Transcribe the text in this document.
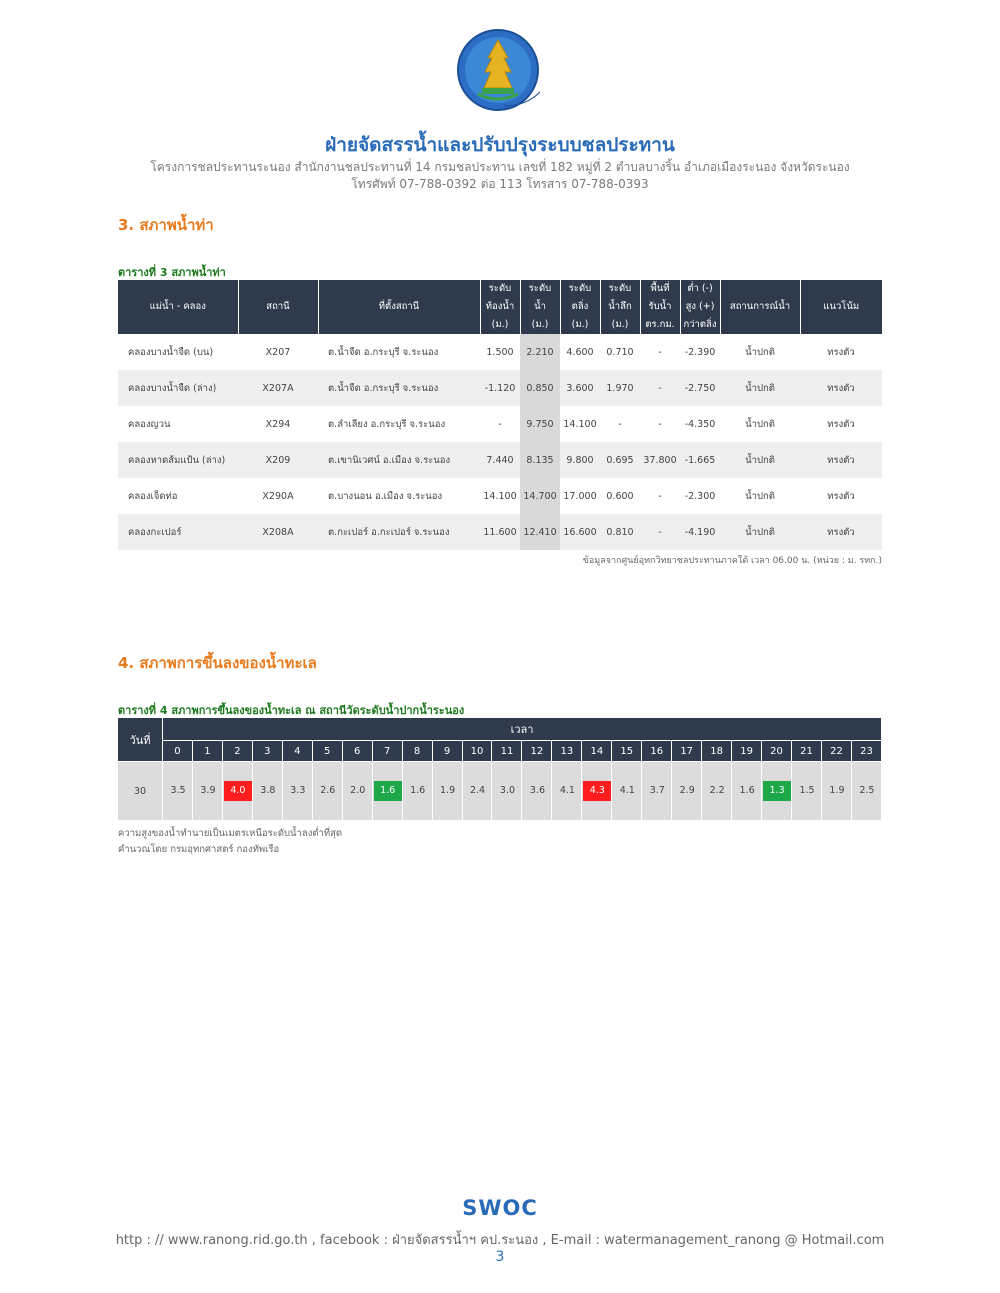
ฝ่ายจัดสรรน้ำและปรับปรุงระบบชลประทาน
โครงการชลประทานระนอง สำนักงานชลประทานที่ 14 กรมชลประทาน เลขที่ 182 หมู่ที่ 2 ตำบลบางริ้น อำเภอเมืองระนอง จังหวัดระนอง
โทรศัพท์ 07-788-0392 ต่อ 113 โทรสาร 07-788-0393
3. สภาพน้ำท่า
ตารางที่ 3 สภาพน้ำท่า
แม่น้ำ - คลอง	สถานี	ที่ตั้งสถานี	ระดับ
ท้องน้ำ
(ม.)	ระดับ
น้ำ
(ม.)	ระดับ
ตลิ่ง
(ม.)	ระดับ
น้ำลึก
(ม.)	พื้นที่
รับน้ำ
ตร.กม.	ต่ำ (-)
สูง (+)
กว่าตลิ่ง	สถานการณ์น้ำ	แนวโน้ม
คลองบางน้ำจืด (บน)	X207	ต.น้ำจืด อ.กระบุรี จ.ระนอง	1.500	2.210	4.600	0.710	-	-2.390	น้ำปกติ	ทรงตัว
คลองบางน้ำจืด (ล่าง)	X207A	ต.น้ำจืด อ.กระบุรี จ.ระนอง	-1.120	0.850	3.600	1.970	-	-2.750	น้ำปกติ	ทรงตัว
คลองญวน	X294	ต.ลำเลียง อ.กระบุรี จ.ระนอง	-	9.750	14.100	-	-	-4.350	น้ำปกติ	ทรงตัว
คลองหาดส้มแป้น (ล่าง)	X209	ต.เขานิเวศน์ อ.เมือง จ.ระนอง	7.440	8.135	9.800	0.695	37.800	-1.665	น้ำปกติ	ทรงตัว
คลองเจ็ดท่อ	X290A	ต.บางนอน อ.เมือง จ.ระนอง	14.100	14.700	17.000	0.600	-	-2.300	น้ำปกติ	ทรงตัว
คลองกะเปอร์	X208A	ต.กะเปอร์ อ.กะเปอร์ จ.ระนอง	11.600	12.410	16.600	0.810	-	-4.190	น้ำปกติ	ทรงตัว
ข้อมูลจากศูนย์อุทกวิทยาชลประทานภาคใต้ เวลา 06.00 น. (หน่วย : ม. รทก.)
4. สภาพการขึ้นลงของน้ำทะเล
ตารางที่ 4 สภาพการขึ้นลงของน้ำทะเล ณ สถานีวัดระดับน้ำปากน้ำระนอง
วันที่	เวลา																							
	0	1	2	3	4	5	6	7	8	9	10	11	12	13	14	15	16	17	18	19	20	21	22	23
30	3.5	3.9	4.0	3.8	3.3	2.6	2.0	1.6	1.6	1.9	2.4	3.0	3.6	4.1	4.3	4.1	3.7	2.9	2.2	1.6	1.3	1.5	1.9	2.5
ความสูงของน้ำทำนายเป็นเมตรเหนือระดับน้ำลงต่ำที่สุด
คำนวณโดย กรมอุทกศาสตร์ กองทัพเรือ
SWOC
http : // www.ranong.rid.go.th , facebook : ฝ่ายจัดสรรน้ำฯ คป.ระนอง , E-mail : watermanagement_ranong @ Hotmail.com
3
